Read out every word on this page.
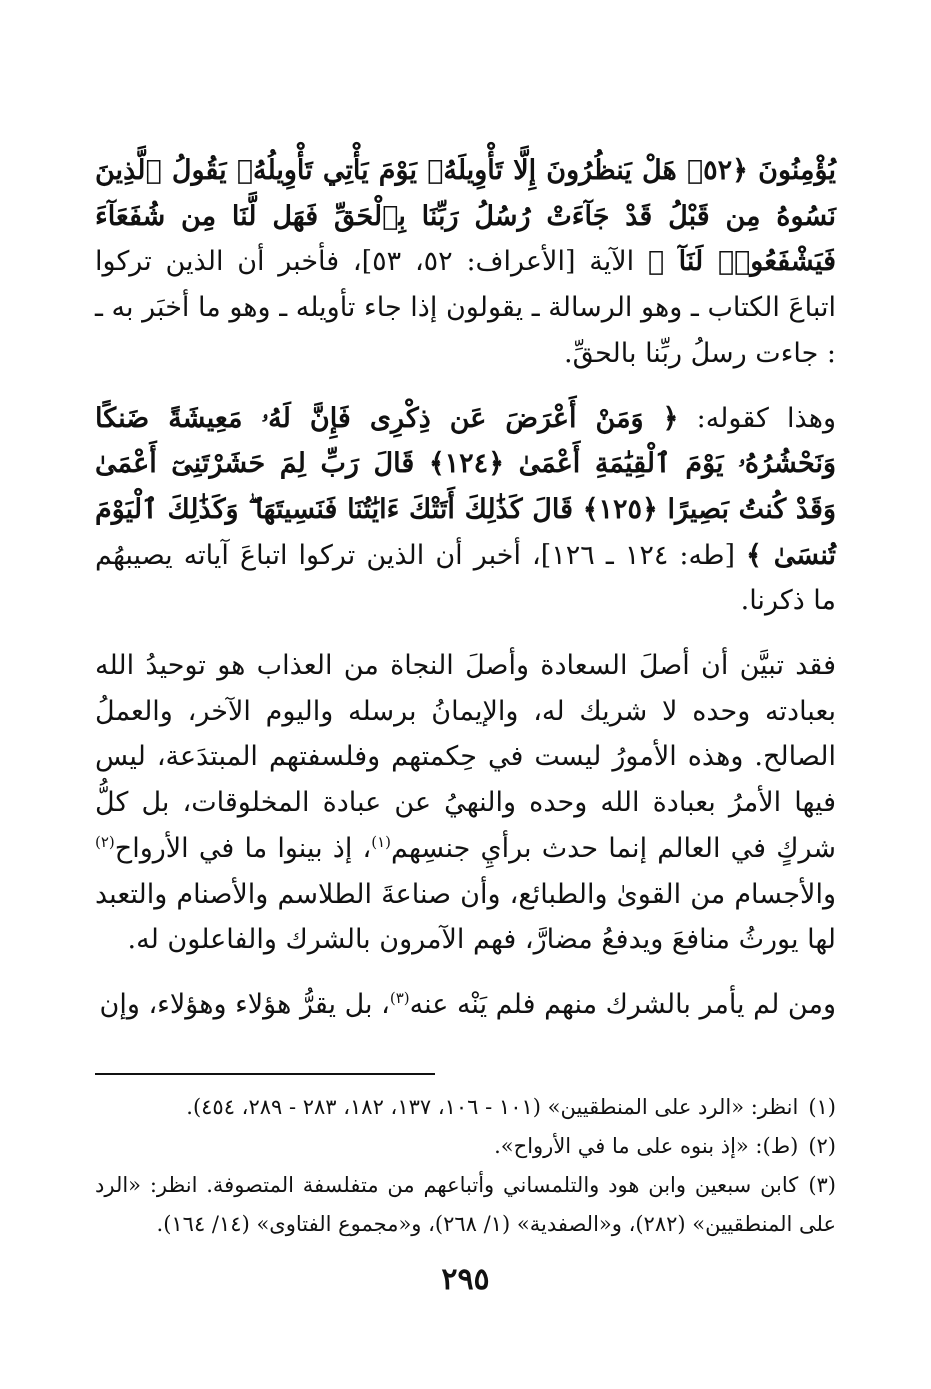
يُؤْمِنُونَ ﴿٥٢﴾ هَلْ يَنظُرُونَ إِلَّا تَأْوِيلَهُۥ يَوْمَ يَأْتِي تَأْوِيلُهُۥ يَقُولُ ٱلَّذِينَ نَسُوهُ مِن قَبْلُ قَدْ جَآءَتْ رُسُلُ رَبِّنَا بِٱلْحَقِّ فَهَل لَّنَا مِن شُفَعَآءَ فَيَشْفَعُوا۟ لَنَآ ﴾ الآية [الأعراف: ٥٢، ٥٣]، فأخبر أن الذين تركوا اتباعَ الكتاب ـ وهو الرسالة ـ يقولون إذا جاء تأويله ـ وهو ما أخبَر به ـ : جاءت رسلُ ربِّنا بالحقِّ.

وهذا كقوله: ﴿ وَمَنْ أَعْرَضَ عَن ذِكْرِى فَإِنَّ لَهُۥ مَعِيشَةً ضَنكًا وَنَحْشُرُهُۥ يَوْمَ ٱلْقِيَٰمَةِ أَعْمَىٰ ﴿١٢٤﴾ قَالَ رَبِّ لِمَ حَشَرْتَنِىٓ أَعْمَىٰ وَقَدْ كُنتُ بَصِيرًا ﴿١٢٥﴾ قَالَ كَذَٰلِكَ أَتَتْكَ ءَايَٰتُنَا فَنَسِيتَهَا ۖ وَكَذَٰلِكَ ٱلْيَوْمَ تُنسَىٰ ﴾ [طه: ١٢٤ ـ ١٢٦]، أخبر أن الذين تركوا اتباعَ آياته يصيبهُم ما ذكرنا.

فقد تبيَّن أن أصلَ السعادة وأصلَ النجاة من العذاب هو توحيدُ الله بعبادته وحده لا شريك له، والإيمانُ برسله واليوم الآخر، والعملُ الصالح. وهذه الأمورُ ليست في حِكمتهم وفلسفتهم المبتدَعة، ليس فيها الأمرُ بعبادة الله وحده والنهيُ عن عبادة المخلوقات، بل كلُّ شركٍ في العالم إنما حدث برأيِ جنسِهم$^{(١)}$، إذ بينوا ما في الأرواح$^{(٢)}$ والأجسام من القوىٰ والطبائع، وأن صناعةَ الطلاسم والأصنام والتعبد لها يورثُ منافعَ ويدفعُ مضارَّ، فهم الآمرون بالشرك والفاعلون له.

ومن لم يأمر بالشرك منهم فلم يَنْه عنه$^{(٣)}$، بل يقرُّ هؤلاء وهؤلاء، وإن

(١)انظر: «الرد على المنطقيين» (١٠١ - ١٠٦، ١٣٧، ١٨٢، ٢٨٣ - ٢٨٩، ٤٥٤).

(٢)(ط): «إذ بنوه على ما في الأرواح».

(٣)كابن سبعين وابن هود والتلمساني وأتباعهم من متفلسفة المتصوفة. انظر: «الرد على المنطقيين» (٢٨٢)، و«الصفدية» (١/ ٢٦٨)، و«مجموع الفتاوى» (١٤/ ١٦٤).

٢٩٥
